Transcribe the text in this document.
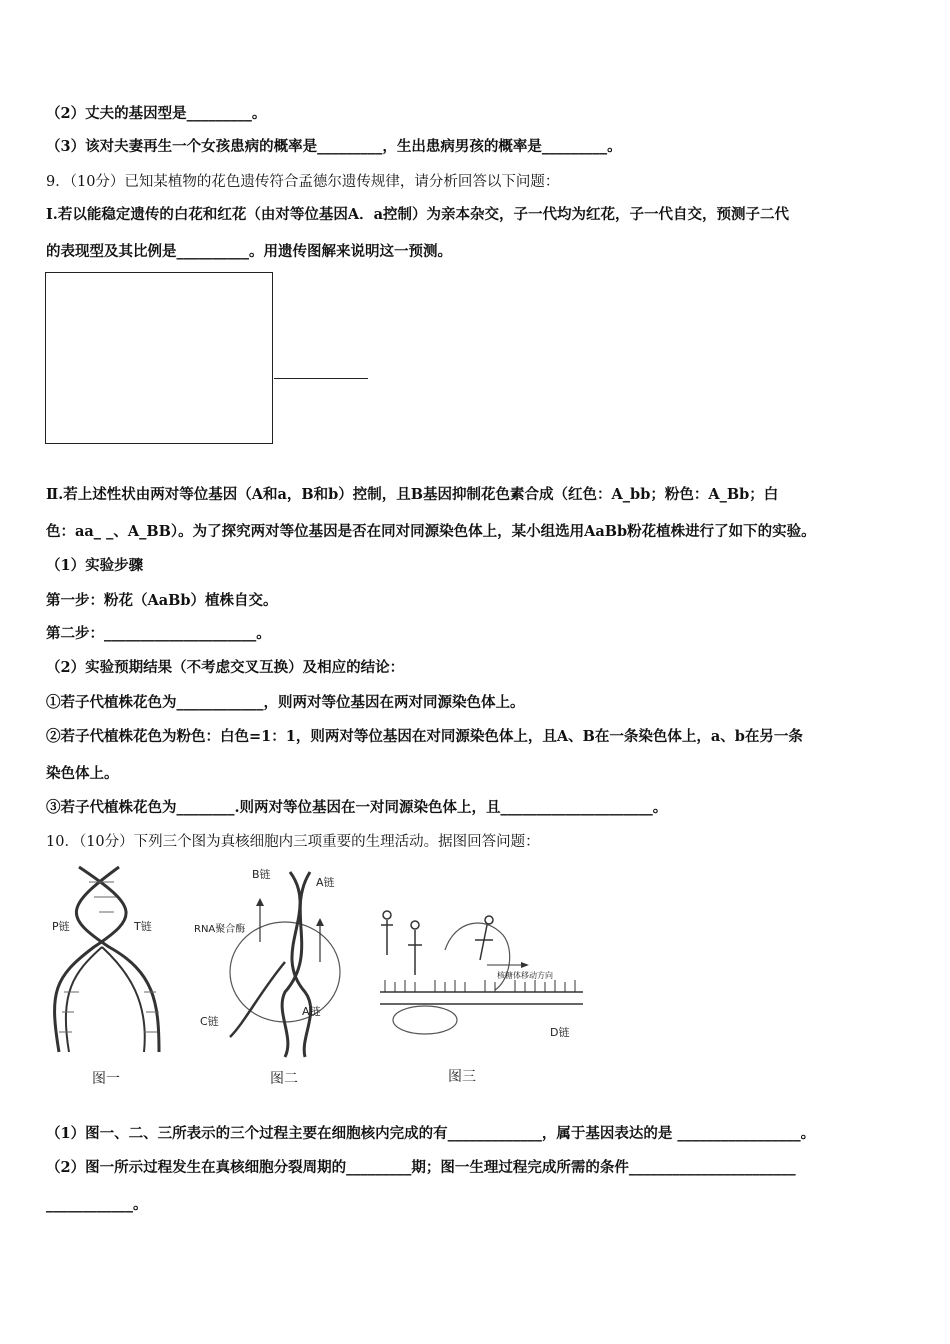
（2）丈夫的基因型是_________。
（3）该对夫妻再生一个女孩患病的概率是_________，生出患病男孩的概率是_________。
9．（10分）已知某植物的花色遗传符合孟德尔遗传规律，请分析回答以下问题：
Ⅰ.若以能稳定遗传的白花和红花（由对等位基因A．a控制）为亲本杂交，子一代均为红花，子一代自交，预测子二代
的表现型及其比例是__________。用遗传图解来说明这一预测。
Ⅱ.若上述性状由两对等位基因（A和a，B和b）控制，且B基因抑制花色素合成（红色：A_bb；粉色：A_Bb；白
色：aa_ _、A_BB）。为了探究两对等位基因是否在同对同源染色体上，某小组选用AaBb粉花植株进行了如下的实验。
（1）实验步骤
第一步：粉花（AaBb）植株自交。
第二步：_____________________。
（2）实验预期结果（不考虑交叉互换）及相应的结论：
①若子代植株花色为____________，则两对等位基因在两对同源染色体上。
②若子代植株花色为粉色：白色=1：1，则两对等位基因在对同源染色体上，且A、B在一条染色体上，a、b在另一条
染色体上。
③若子代植株花色为________.则两对等位基因在一对同源染色体上，且_____________________。
10．（10分）下列三个图为真核细胞内三项重要的生理活动。据图回答问题：
P链	T链
图一
B链
A链
RNA聚合酶
C链
A链
图二
核糖体移动方向
D链
图三
（1）图一、二、三所表示的三个过程主要在细胞核内完成的有_____________，属于基因表达的是 _________________。
（2）图一所示过程发生在真核细胞分裂周期的_________期；图一生理过程完成所需的条件_______________________
____________。
